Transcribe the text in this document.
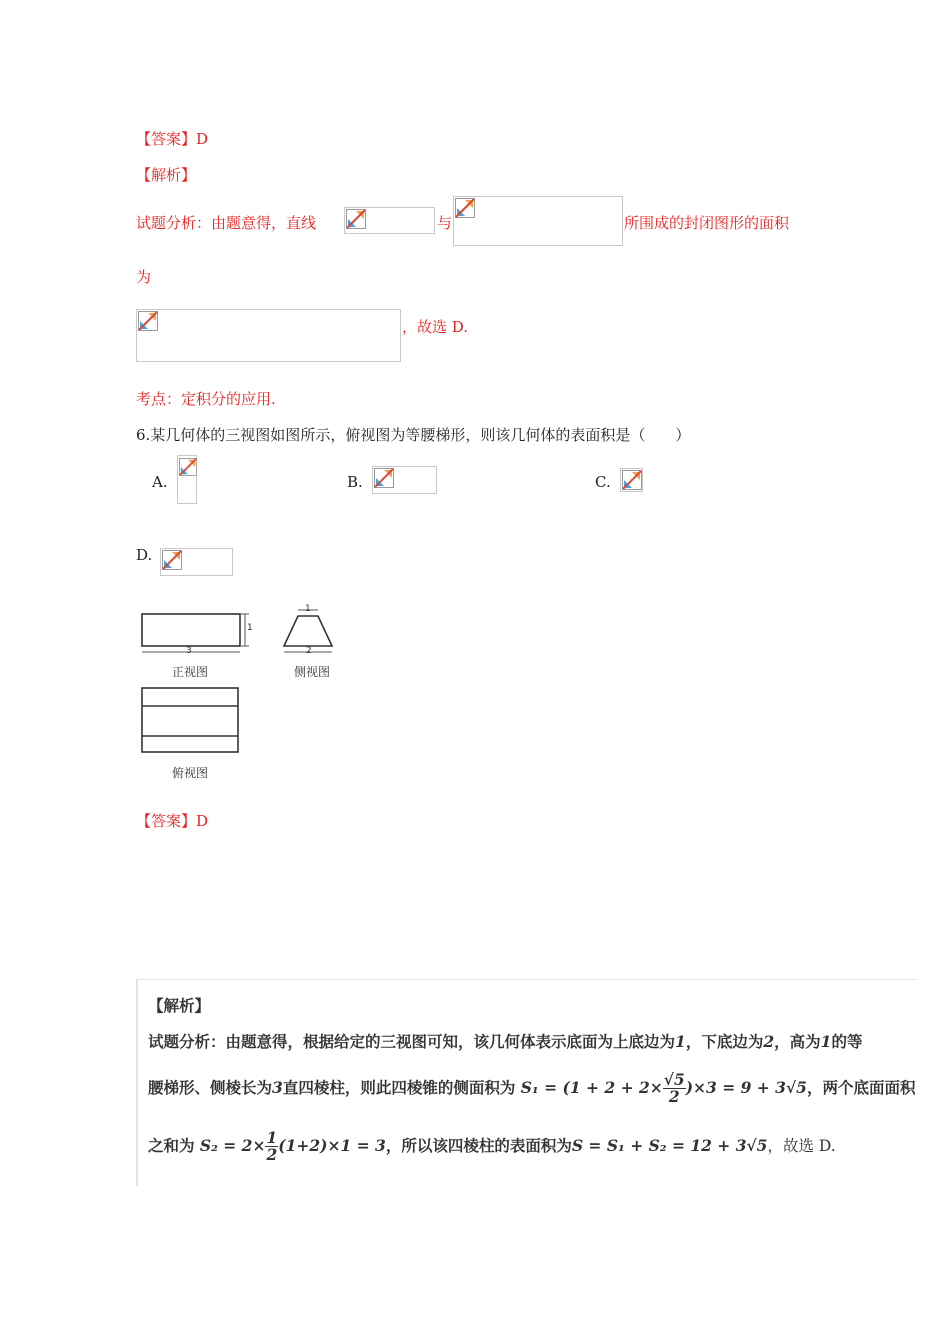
【答案】D
【解析】
试题分析：由题意得，直线	与	所围成的封闭图形的面积
为
，故选 D.
考点：定积分的应用.
6.某几何体的三视图如图所示，俯视图为等腰梯形，则该几何体的表面积是（　　）
A.	B.	C.
D.
3
1
1
2
正视图	侧视图
俯视图
【答案】D
【解析】
试题分析：由题意得，根据给定的三视图可知，该几何体表示底面为上底边为1，下底边为2，高为1的等
腰梯形、侧棱长为3直四棱柱，则此四棱锥的侧面积为 $S_1 = (1 + 2 + 2\times \frac{√5}{2} )\times 3 = 9 + 3√5$，两个底面面积
之和为 $S_2 = 2\times \frac{1}{2} (1+2)\times 1 = 3$，所以该四棱柱的表面积为S = S₁ + S₂ = 12 + 3√5，故选 D.
